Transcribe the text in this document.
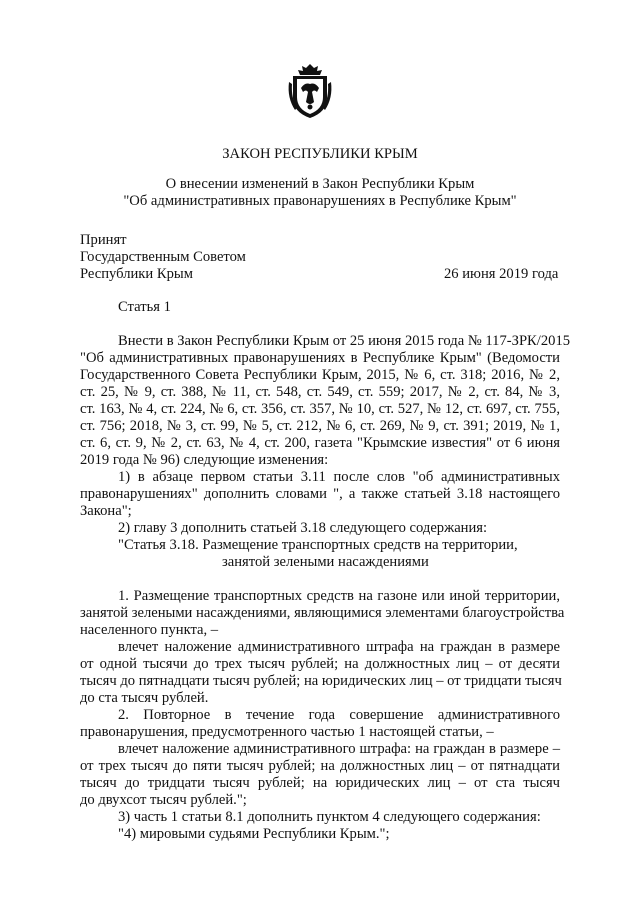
ЗАКОН РЕСПУБЛИКИ КРЫМ
О внесении изменений в Закон Республики Крым
"Об административных правонарушениях в Республике Крым"
Принят
Государственным Советом
Республики Крым	26 июня 2019 года
Статья 1
Внести в Закон Республики Крым от 25 июня 2015 года № 117-ЗРК/2015
"Об административных правонарушениях в Республике Крым" (Ведомости
Государственного Совета Республики Крым, 2015, № 6, ст. 318; 2016, № 2,
ст. 25, № 9, ст. 388, № 11, ст. 548, ст. 549, ст. 559; 2017, № 2, ст. 84, № 3,
ст. 163, № 4, ст. 224, № 6, ст. 356, ст. 357, № 10, ст. 527, № 12, ст. 697, ст. 755,
ст. 756; 2018, № 3, ст. 99, № 5, ст. 212, № 6, ст. 269, № 9, ст. 391; 2019, № 1,
ст. 6, ст. 9, № 2, ст. 63, № 4, ст. 200, газета "Крымские известия" от 6 июня
2019 года № 96) следующие изменения:
1) в абзаце первом статьи 3.11 после слов "об административных
правонарушениях" дополнить словами ", а также статьей 3.18 настоящего
Закона";
2) главу 3 дополнить статьей 3.18 следующего содержания:
"Статья 3.18. Размещение транспортных средств на территории,
занятой зелеными насаждениями
1. Размещение транспортных средств на газоне или иной территории,
занятой зелеными насаждениями, являющимися элементами благоустройства
населенного пункта, –
влечет наложение административного штрафа на граждан в размере
от одной тысячи до трех тысяч рублей; на должностных лиц – от десяти
тысяч до пятнадцати тысяч рублей; на юридических лиц – от тридцати тысяч
до ста тысяч рублей.
2. Повторное в течение года совершение административного
правонарушения, предусмотренного частью 1 настоящей статьи, –
влечет наложение административного штрафа: на граждан в размере –
от трех тысяч до пяти тысяч рублей; на должностных лиц – от пятнадцати
тысяч до тридцати тысяч рублей; на юридических лиц – от ста тысяч
до двухсот тысяч рублей.";
3) часть 1 статьи 8.1 дополнить пунктом 4 следующего содержания:
"4) мировыми судьями Республики Крым.";
